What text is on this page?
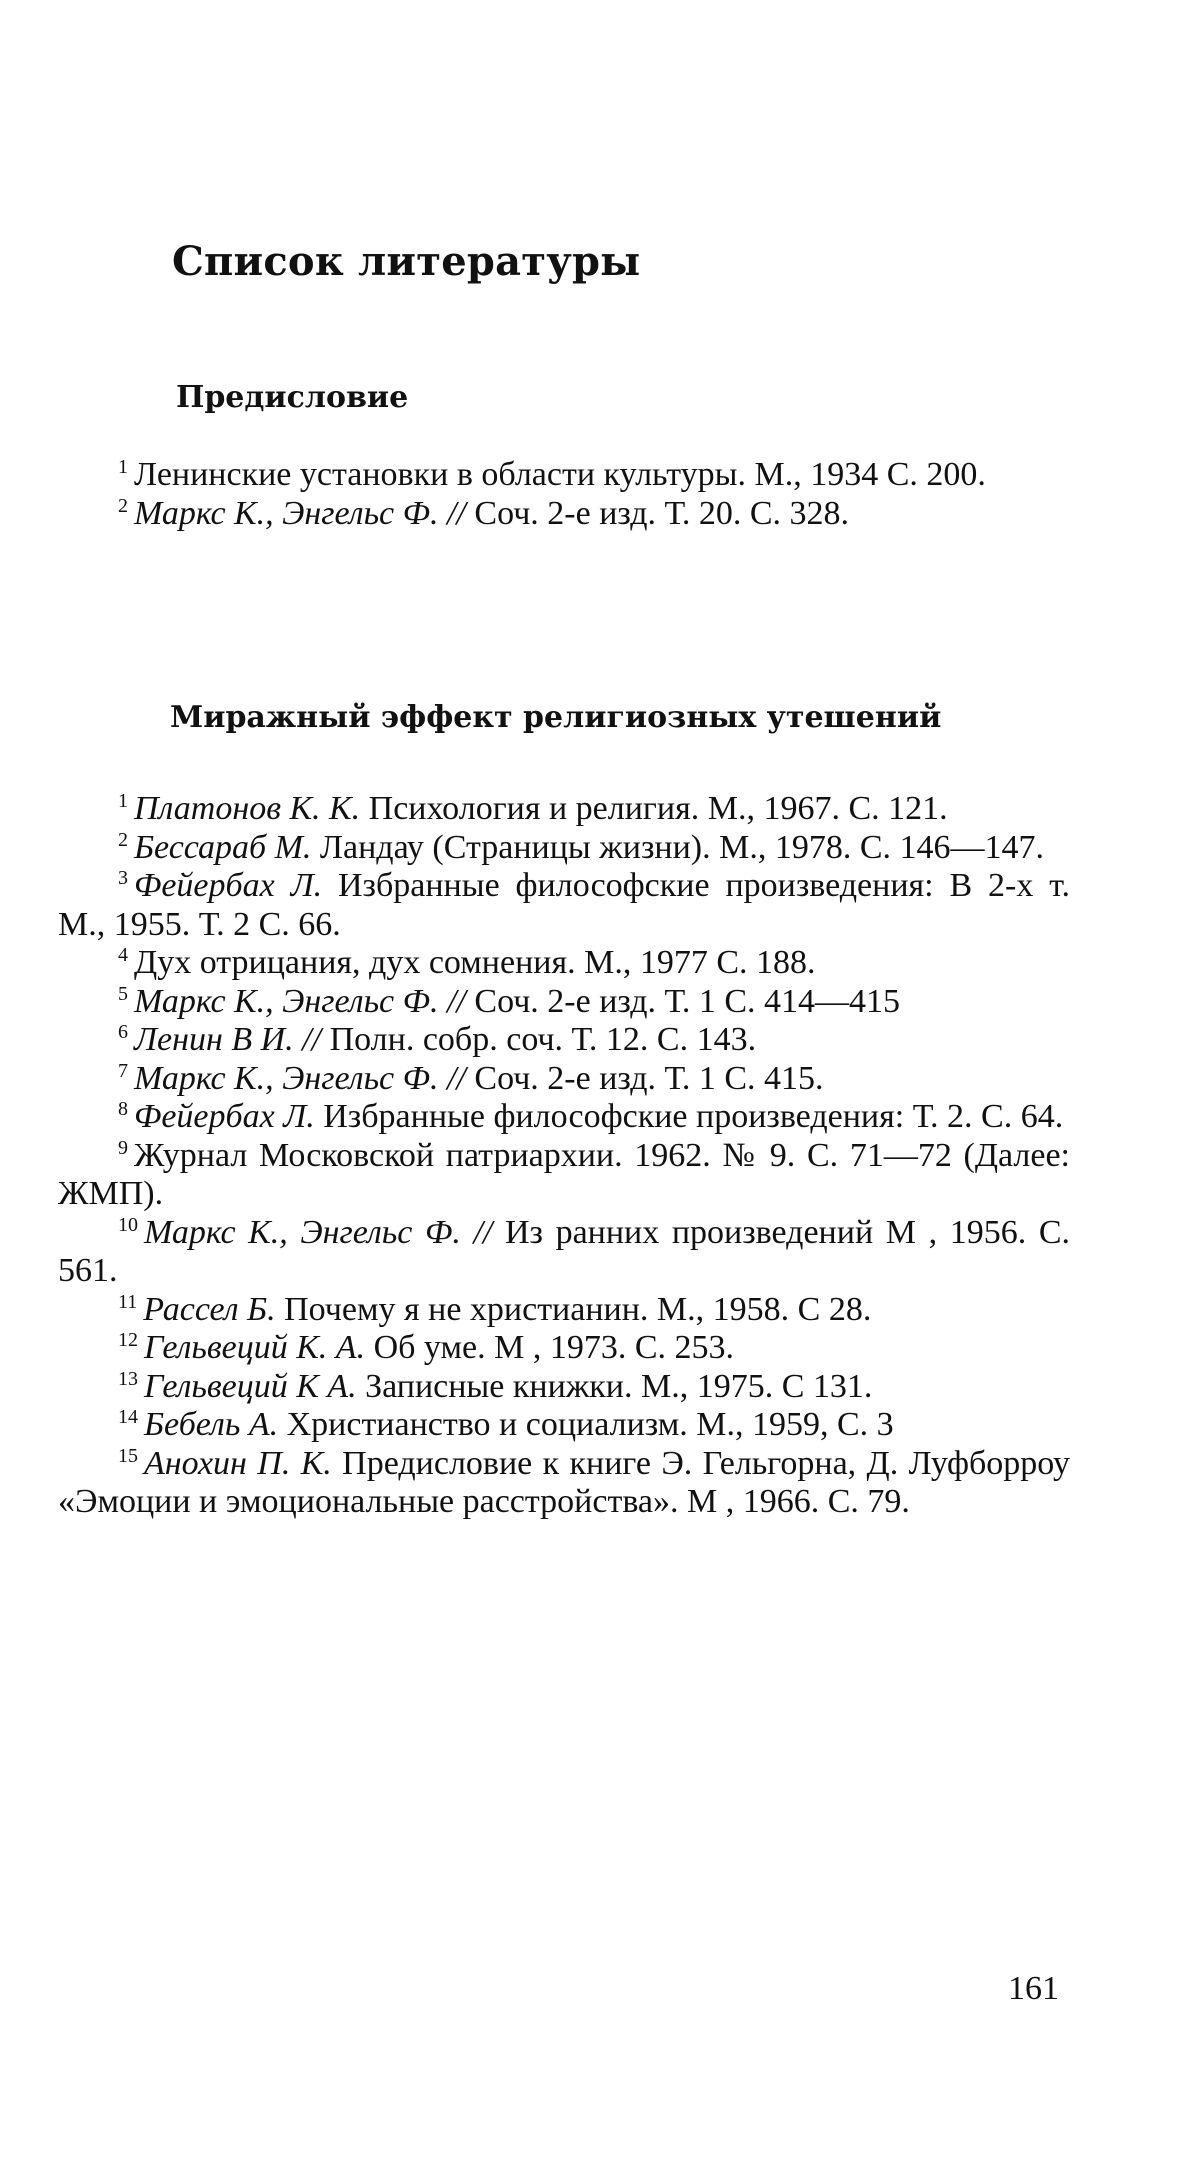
Список литературы
Предисловие
$^1$ Ленинские установки в области культуры. М., 1934 С. 200.
$^2$ Маркс К., Энгельс Ф. // Соч. 2-е изд. Т. 20. С. 328.
Миражный эффект религиозных утешений
$^1$ Платонов К. К. Психология и религия. М., 1967. С. 121.
$^2$ Бессараб М. Ландау (Страницы жизни). М., 1978. С. 146—147.
$^3$ Фейербах Л. Избранные философские произведения: В 2-х т. М., 1955. Т. 2 С. 66.
$^4$ Дух отрицания, дух сомнения. М., 1977 С. 188.
$^5$ Маркс К., Энгельс Ф. // Соч. 2-е изд. Т. 1 С. 414—415
$^6$ Ленин В И. // Полн. собр. соч. Т. 12. С. 143.
$^7$ Маркс К., Энгельс Ф. // Соч. 2-е изд. Т. 1 С. 415.
$^8$ Фейербах Л. Избранные философские произведения: Т. 2. С. 64.
$^9$ Журнал Московской патриархии. 1962. № 9. С. 71—72 (Далее: ЖМП).
$^{10}$ Маркс К., Энгельс Ф. // Из ранних произведений М , 1956. С. 561.
$^{11}$ Рассел Б. Почему я не христианин. М., 1958. С 28.
$^{12}$ Гельвеций К. А. Об уме. М , 1973. С. 253.
$^{13}$ Гельвеций К А. Записные книжки. М., 1975. С 131.
$^{14}$ Бебель А. Христианство и социализм. М., 1959, С. 3
$^{15}$ Анохин П. К. Предисловие к книге Э. Гельгорна, Д. Луфборроу «Эмоции и эмоциональные расстройства». М , 1966. С. 79.
161
